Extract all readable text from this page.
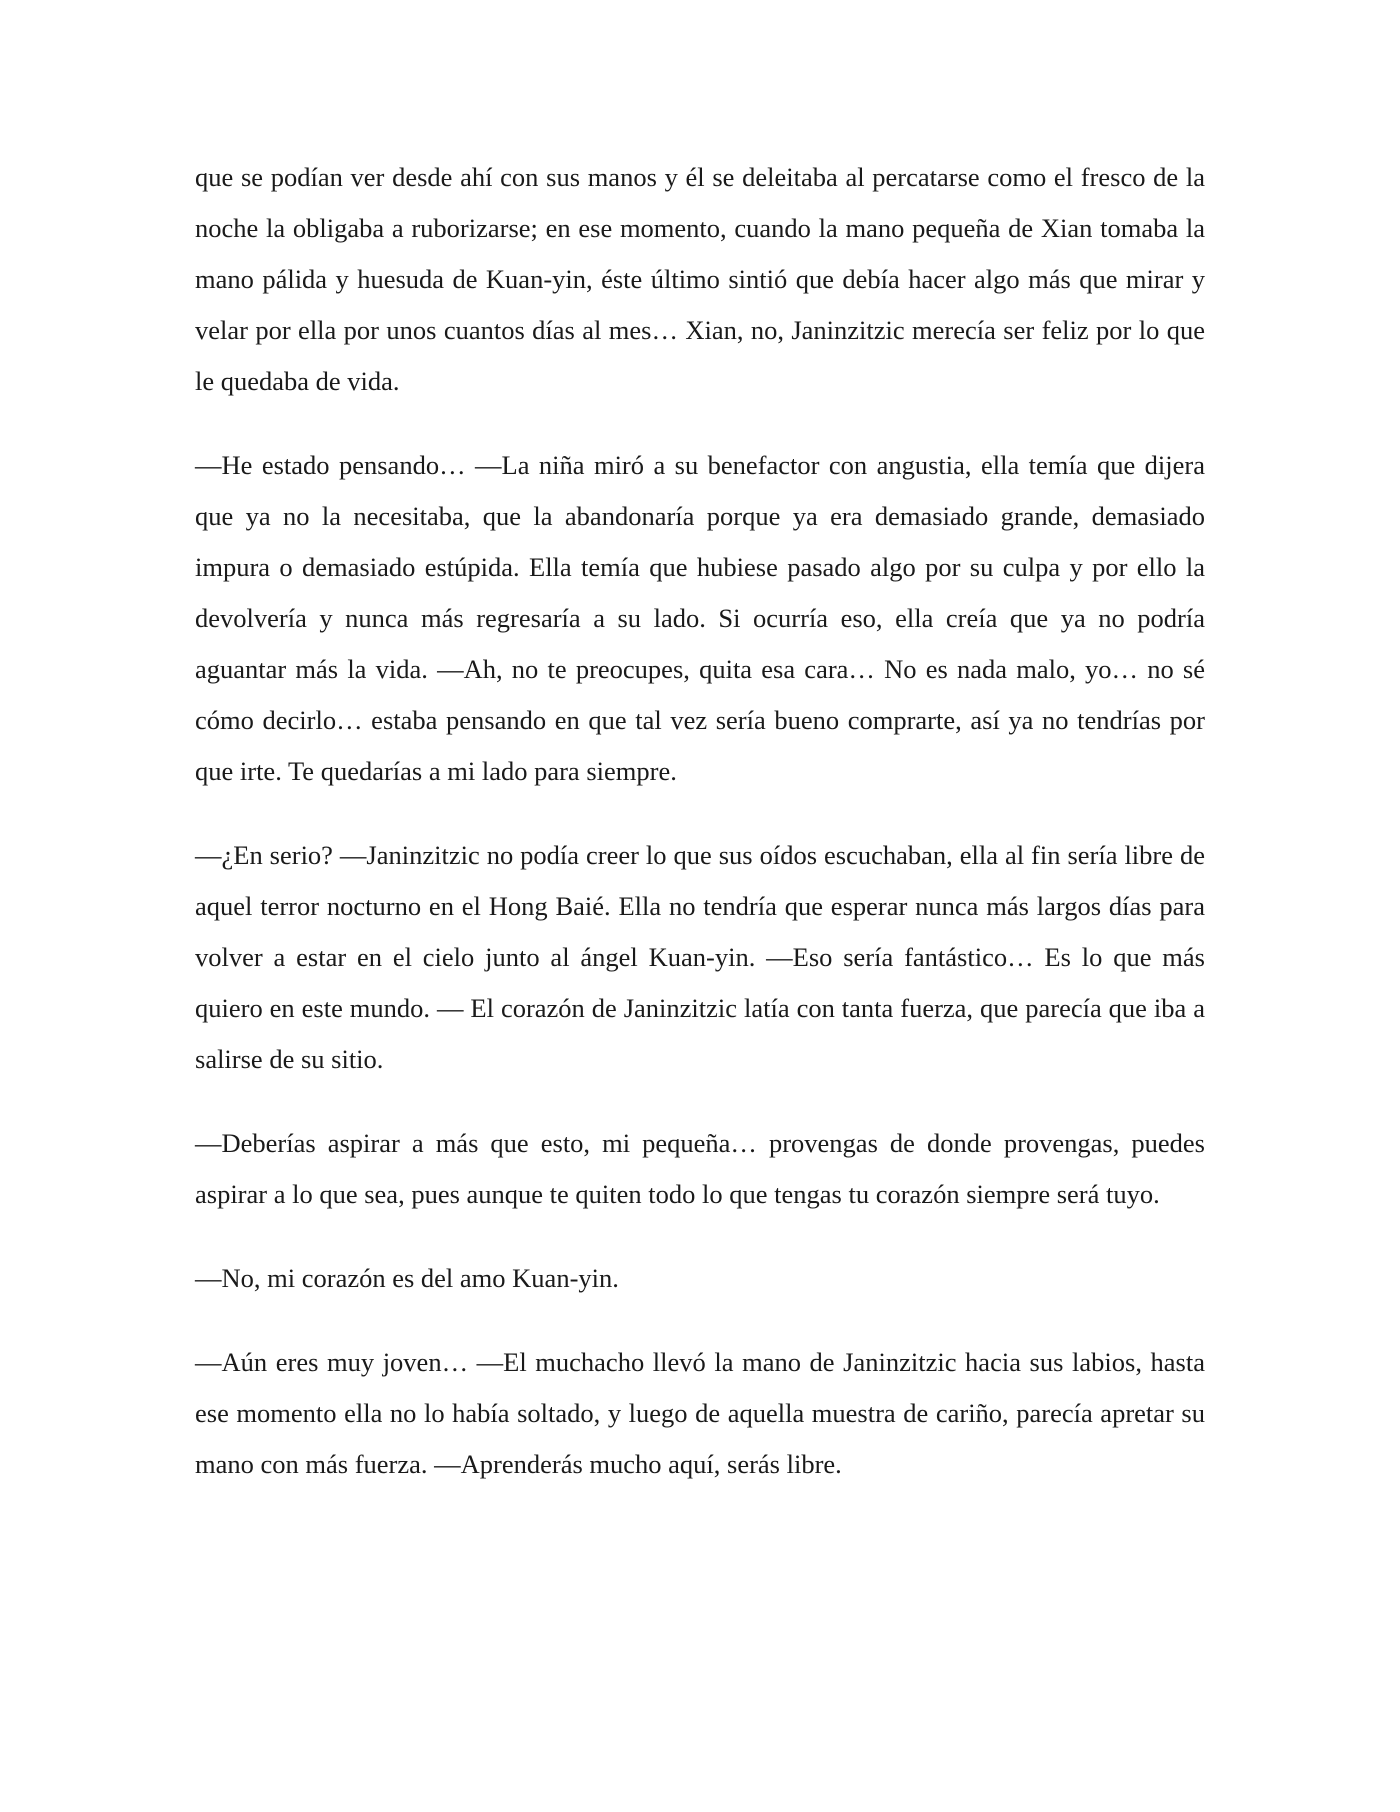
que se podían ver desde ahí con sus manos y él se deleitaba al percatarse como el fresco de la noche la obligaba a ruborizarse; en ese momento, cuando la mano pequeña de Xian tomaba la mano pálida y huesuda de Kuan-yin, éste último sintió que debía hacer algo más que mirar y velar por ella por unos cuantos días al mes… Xian, no, Janinzitzic merecía ser feliz por lo que le quedaba de vida.

—He estado pensando… —La niña miró a su benefactor con angustia, ella temía que dijera que ya no la necesitaba, que la abandonaría porque ya era demasiado grande, demasiado impura o demasiado estúpida. Ella temía que hubiese pasado algo por su culpa y por ello la devolvería y nunca más regresaría a su lado. Si ocurría eso, ella creía que ya no podría aguantar más la vida. —Ah, no te preocupes, quita esa cara… No es nada malo, yo… no sé cómo decirlo… estaba pensando en que tal vez sería bueno comprarte, así ya no tendrías por que irte. Te quedarías a mi lado para siempre.

—¿En serio? —Janinzitzic no podía creer lo que sus oídos escuchaban, ella al fin sería libre de aquel terror nocturno en el Hong Baié. Ella no tendría que esperar nunca más largos días para volver a estar en el cielo junto al ángel Kuan-yin. —Eso sería fantástico… Es lo que más quiero en este mundo. — El corazón de Janinzitzic latía con tanta fuerza, que parecía que iba a salirse de su sitio.

—Deberías aspirar a más que esto, mi pequeña… provengas de donde provengas, puedes aspirar a lo que sea, pues aunque te quiten todo lo que tengas tu corazón siempre será tuyo.

—No, mi corazón es del amo Kuan-yin.

—Aún eres muy joven… —El muchacho llevó la mano de Janinzitzic hacia sus labios, hasta ese momento ella no lo había soltado, y luego de aquella muestra de cariño, parecía apretar su mano con más fuerza. —Aprenderás mucho aquí, serás libre.
